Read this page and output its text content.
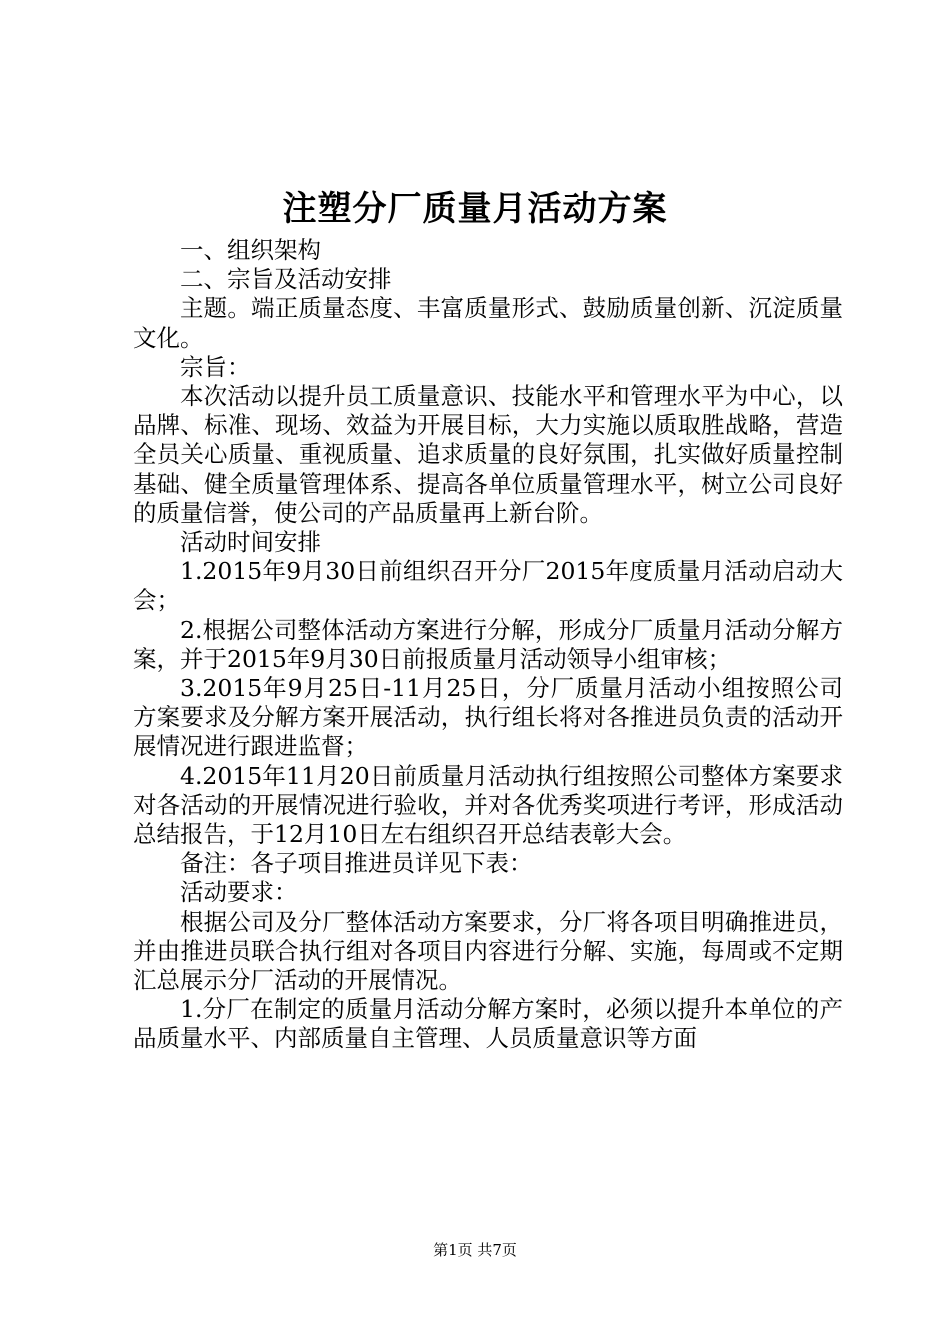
注塑分厂质量月活动方案

一、组织架构

二、宗旨及活动安排

主题。端正质量态度、丰富质量形式、鼓励质量创新、沉淀质量文化。

宗旨：

本次活动以提升员工质量意识、技能水平和管理水平为中心，以品牌、标准、现场、效益为开展目标，大力实施以质取胜战略，营造全员关心质量、重视质量、追求质量的良好氛围，扎实做好质量控制基础、健全质量管理体系、提高各单位质量管理水平，树立公司良好的质量信誉，使公司的产品质量再上新台阶。

活动时间安排

1.2015年9月30日前组织召开分厂2015年度质量月活动启动大会；

2.根据公司整体活动方案进行分解，形成分厂质量月活动分解方案，并于2015年9月30日前报质量月活动领导小组审核；

3.2015年9月25日-11月25日，分厂质量月活动小组按照公司方案要求及分解方案开展活动，执行组长将对各推进员负责的活动开展情况进行跟进监督；

4.2015年11月20日前质量月活动执行组按照公司整体方案要求对各活动的开展情况进行验收，并对各优秀奖项进行考评，形成活动总结报告，于12月10日左右组织召开总结表彰大会。

备注：各子项目推进员详见下表：

活动要求：

根据公司及分厂整体活动方案要求，分厂将各项目明确推进员，并由推进员联合执行组对各项目内容进行分解、实施，每周或不定期汇总展示分厂活动的开展情况。

1.分厂在制定的质量月活动分解方案时，必须以提升本单位的产品质量水平、内部质量自主管理、人员质量意识等方面

第1页 共7页
